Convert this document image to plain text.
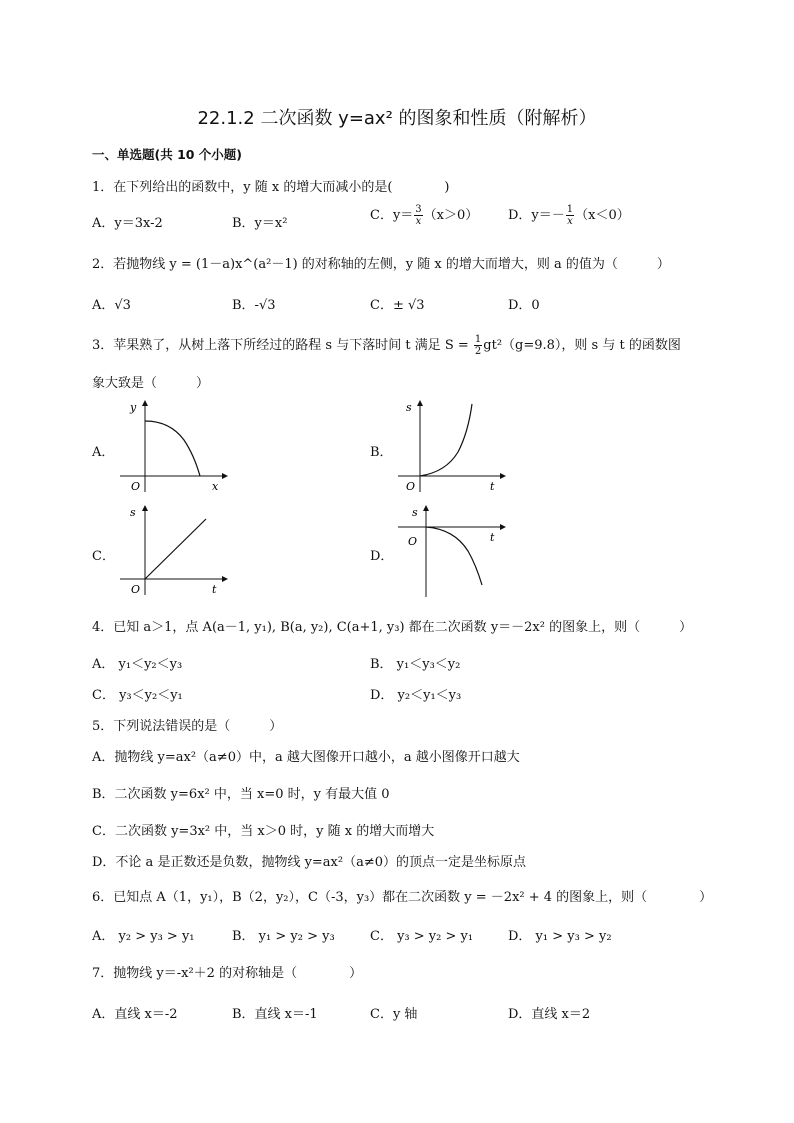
22.1.2 二次函数 y=ax² 的图象和性质（附解析）
一、单选题(共 10 个小题)
1．在下列给出的函数中，y 随 x 的增大而减小的是(　　　　)
A．y＝3x-2	B．y＝x²
C．$y= \frac{3}{x} (x>0)$ D．$y=- \frac{1}{x} (x<0)$
2．若抛物线 y = (1－a)x^(a²－1) 的对称轴的左侧，y 随 x 的增大而增大，则 a 的值为（　　　）
A．√3	B．-√3	C．± √3	D．0
3．苹果熟了，从树上落下所经过的路程 s 与下落时间 t 满足 $S = \frac{1}{2} gt^2(g=9.8)$，则 s 与 t 的函数图
象大致是（　　　）
A．	B．
C．	D．
y
x
O
s
t
O
s
t
O
s
t
O
4．已知 a＞1，点 A(a－1, y₁), B(a, y₂), C(a+1, y₃) 都在二次函数 y＝－2x² 的图象上，则（　　　）
A． y₁＜y₂＜y₃	B． y₁＜y₃＜y₂
C． y₃＜y₂＜y₁	D． y₂＜y₁＜y₃
5．下列说法错误的是（　　　）
A．抛物线 y=ax²（a≠0）中，a 越大图像开口越小，a 越小图像开口越大
B．二次函数 y=6x² 中，当 x=0 时，y 有最大值 0
C．二次函数 y=3x² 中，当 x＞0 时，y 随 x 的增大而增大
D．不论 a 是正数还是负数，抛物线 y=ax²（a≠0）的顶点一定是坐标原点
6．已知点 A（1，y₁），B（2，y₂），C（-3，y₃）都在二次函数 y = －2x² + 4 的图象上，则（　　　　）
A． y₂ > y₃ > y₁	B． y₁ > y₂ > y₃	C． y₃ > y₂ > y₁	D． y₁ > y₃ > y₂
7．抛物线 y＝-x²＋2 的对称轴是（　　　　）
A．直线 x＝-2	B．直线 x＝-1	C．y 轴	D．直线 x＝2
